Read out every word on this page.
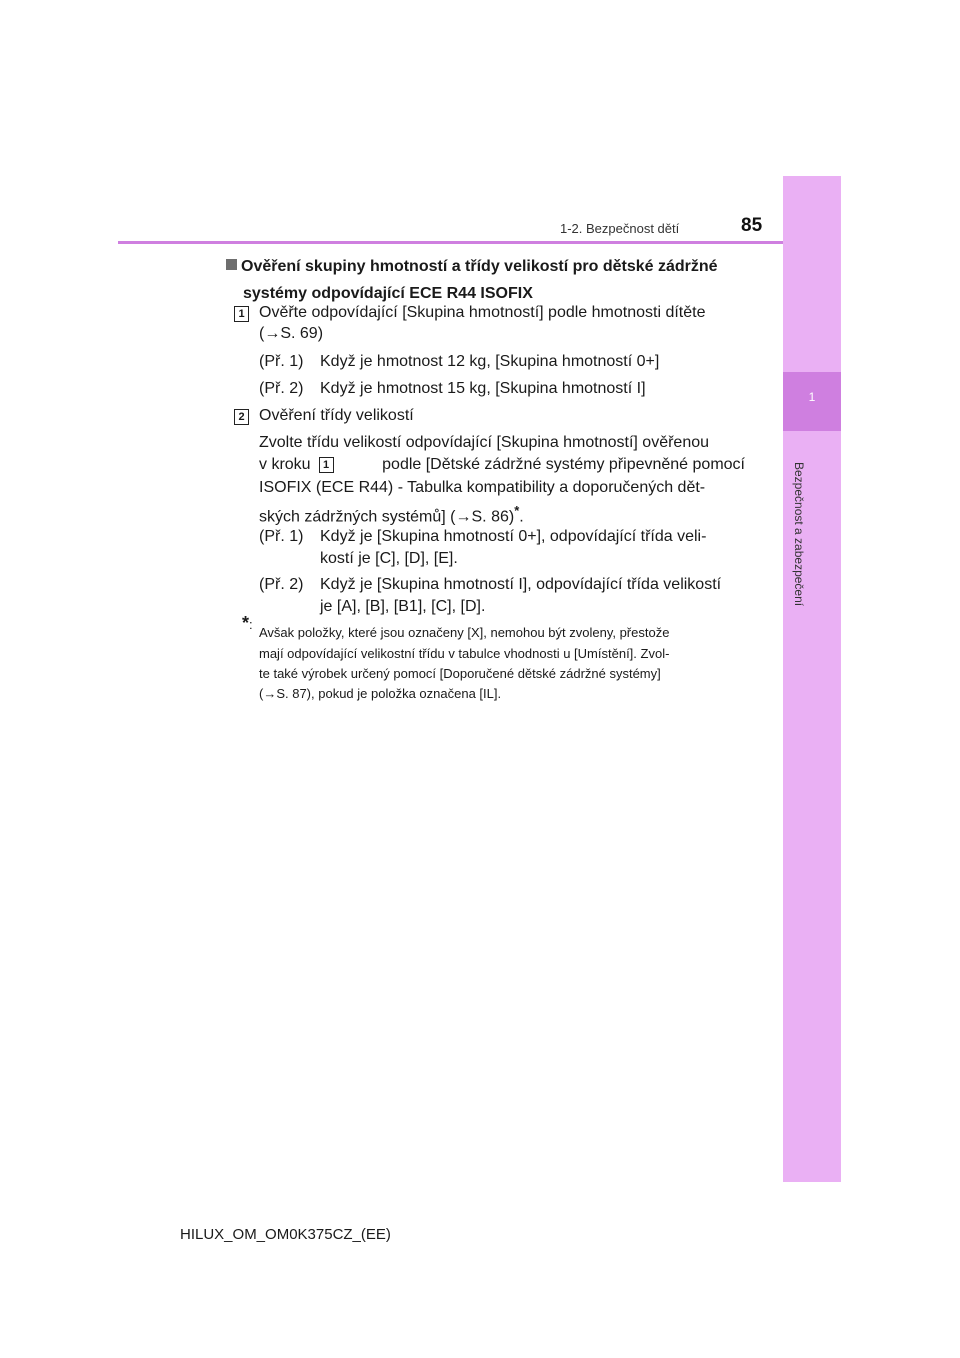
1
Bezpečnost a zabezpečení
1-2. Bezpečnost dětí	85
Ověření skupiny hmotností a třídy velikostí pro dětské zádržné
systémy odpovídající ECE R44 ISOFIX
1 Ověřte odpovídající [Skupina hmotností] podle hmotnosti dítěte
(→S. 69)
(Př. 1) Když je hmotnost 12 kg, [Skupina hmotností 0+]
(Př. 2) Když je hmotnost 15 kg, [Skupina hmotností I]
2 Ověření třídy velikostí
Zvolte třídu velikostí odpovídající [Skupina hmotností] ověřenou
v kroku 1	podle [Dětské zádržné systémy připevněné pomocí
ISOFIX (ECE R44) - Tabulka kompatibility a doporučených dět-
ských zádržných systémů] (→S. 86)*.
(Př. 1) Když je [Skupina hmotností 0+], odpovídající třída veli-
kostí je [C], [D], [E].
(Př. 2) Když je [Skupina hmotností I], odpovídající třída velikostí
je [A], [B], [B1], [C], [D].
*:
Avšak položky, které jsou označeny [X], nemohou být zvoleny, přestože
mají odpovídající velikostní třídu v tabulce vhodnosti u [Umístění]. Zvol-
te také výrobek určený pomocí [Doporučené dětské zádržné systémy]
(→S. 87), pokud je položka označena [IL].
HILUX_OM_OM0K375CZ_(EE)
